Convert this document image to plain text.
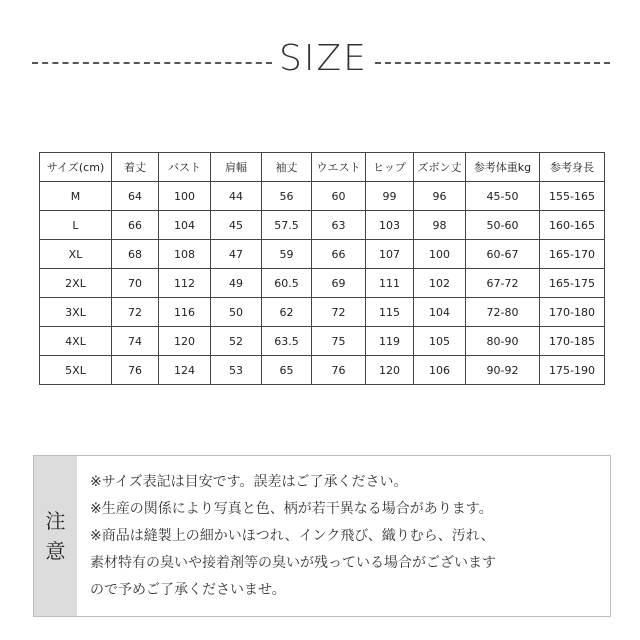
SIZE
サイズ(cm)	着丈	バスト	肩幅	袖丈	ウエスト	ヒップ	ズボン丈	参考体重kg	参考身長
M	64	100	44	56	60	99	96	45-50	155-165
L	66	104	45	57.5	63	103	98	50-60	160-165
XL	68	108	47	59	66	107	100	60-67	165-170
2XL	70	112	49	60.5	69	111	102	67-72	165-175
3XL	72	116	50	62	72	115	104	72-80	170-180
4XL	74	120	52	63.5	75	119	105	80-90	170-185
5XL	76	124	53	65	76	120	106	90-92	175-190
注
意
※サイズ表記は目安です。誤差はご了承ください。
※生産の関係により写真と色、柄が若干異なる場合があります。
※商品は縫製上の細かいほつれ、インク飛び、織りむら、汚れ、
素材特有の臭いや接着剤等の臭いが残っている場合がございます
ので予めご了承くださいませ。
